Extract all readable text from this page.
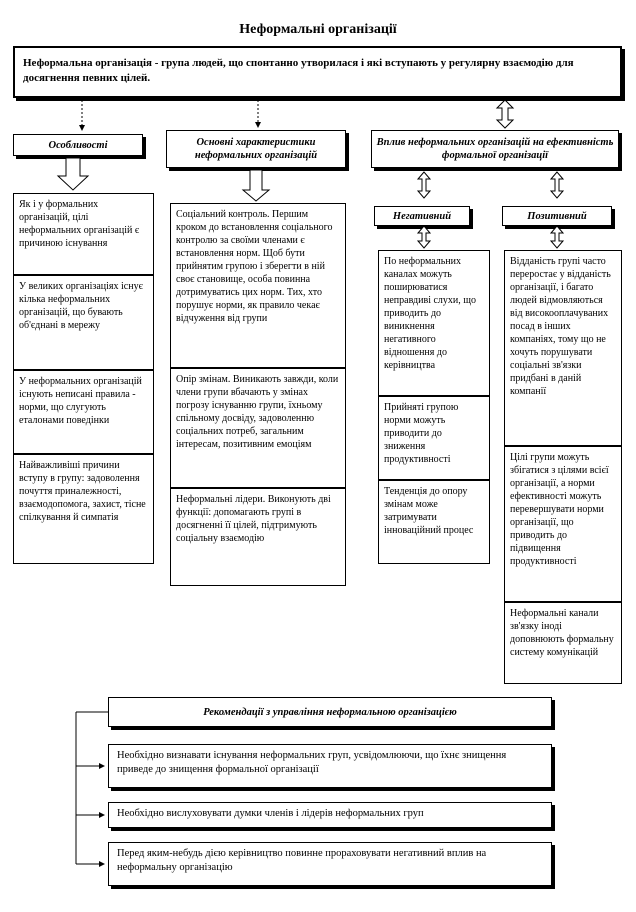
Неформальні організації
Неформальна організація - група людей, що спонтанно утворилася і які вступають у регулярну взаємодію для досягнення певних цілей.
Особливості	Основні характеристики неформальних організацій
Вплив неформальних організацій на ефективність формальної організації
Як і у формальних організацій, цілі неформальних організацій є причиною існування
У великих організаціях існує кілька неформальних організацій, що бувають об'єднані в мережу
У неформальних організацій існують неписані правила - норми, що слугують еталонами поведінки
Найважливіші причини вступу в групу: задоволення почуття приналежності, взаємодопомога, захист, тісне спілкування й симпатія
Соціальний контроль. Першим кроком до встановлення соціального контролю за своїми членами є встановлення норм. Щоб бути прийнятим групою і зберегти в ній своє становище, особа повинна дотримуватись цих норм. Тих, хто порушує норми, як правило чекає відчуження від групи
Опір змінам. Виникають завжди, коли члени групи вбачають у змінах погрозу існуванню групи, їхньому спільному досвіду, задоволенню соціальних потреб, загальним інтересам, позитивним емоціям
Неформальні лідери. Виконують дві функції: допомагають групі в досягненні її цілей, підтримують соціальну взаємодію
Негативний	Позитивний
По неформальних каналах можуть поширюватися неправдиві слухи, що приводить до виникнення негативного відношення до керівництва
Прийняті групою норми можуть приводити до зниження продуктивності
Тенденція до опору змінам може затримувати інноваційний процес
Відданість групі часто переростає у відданість організації, і багато людей відмовляються від високооплачуваних посад в інших компаніях, тому що не хочуть порушувати соціальні зв'язки придбані в даній компанії
Цілі групи можуть збігатися з цілями всієї організації, а норми ефективності можуть перевершувати норми організації, що приводить до підвищення продуктивності
Неформальні канали зв'язку іноді доповнюють формальну систему комунікацій
Рекомендації з управління неформальною організацією
Необхідно визнавати існування неформальних груп, усвідомлюючи, що їхнє знищення приведе до знищення формальної організації
Необхідно вислуховувати думки членів і лідерів неформальних груп
Перед яким-небудь дією керівництво повинне прораховувати негативний вплив на неформальну організацію
